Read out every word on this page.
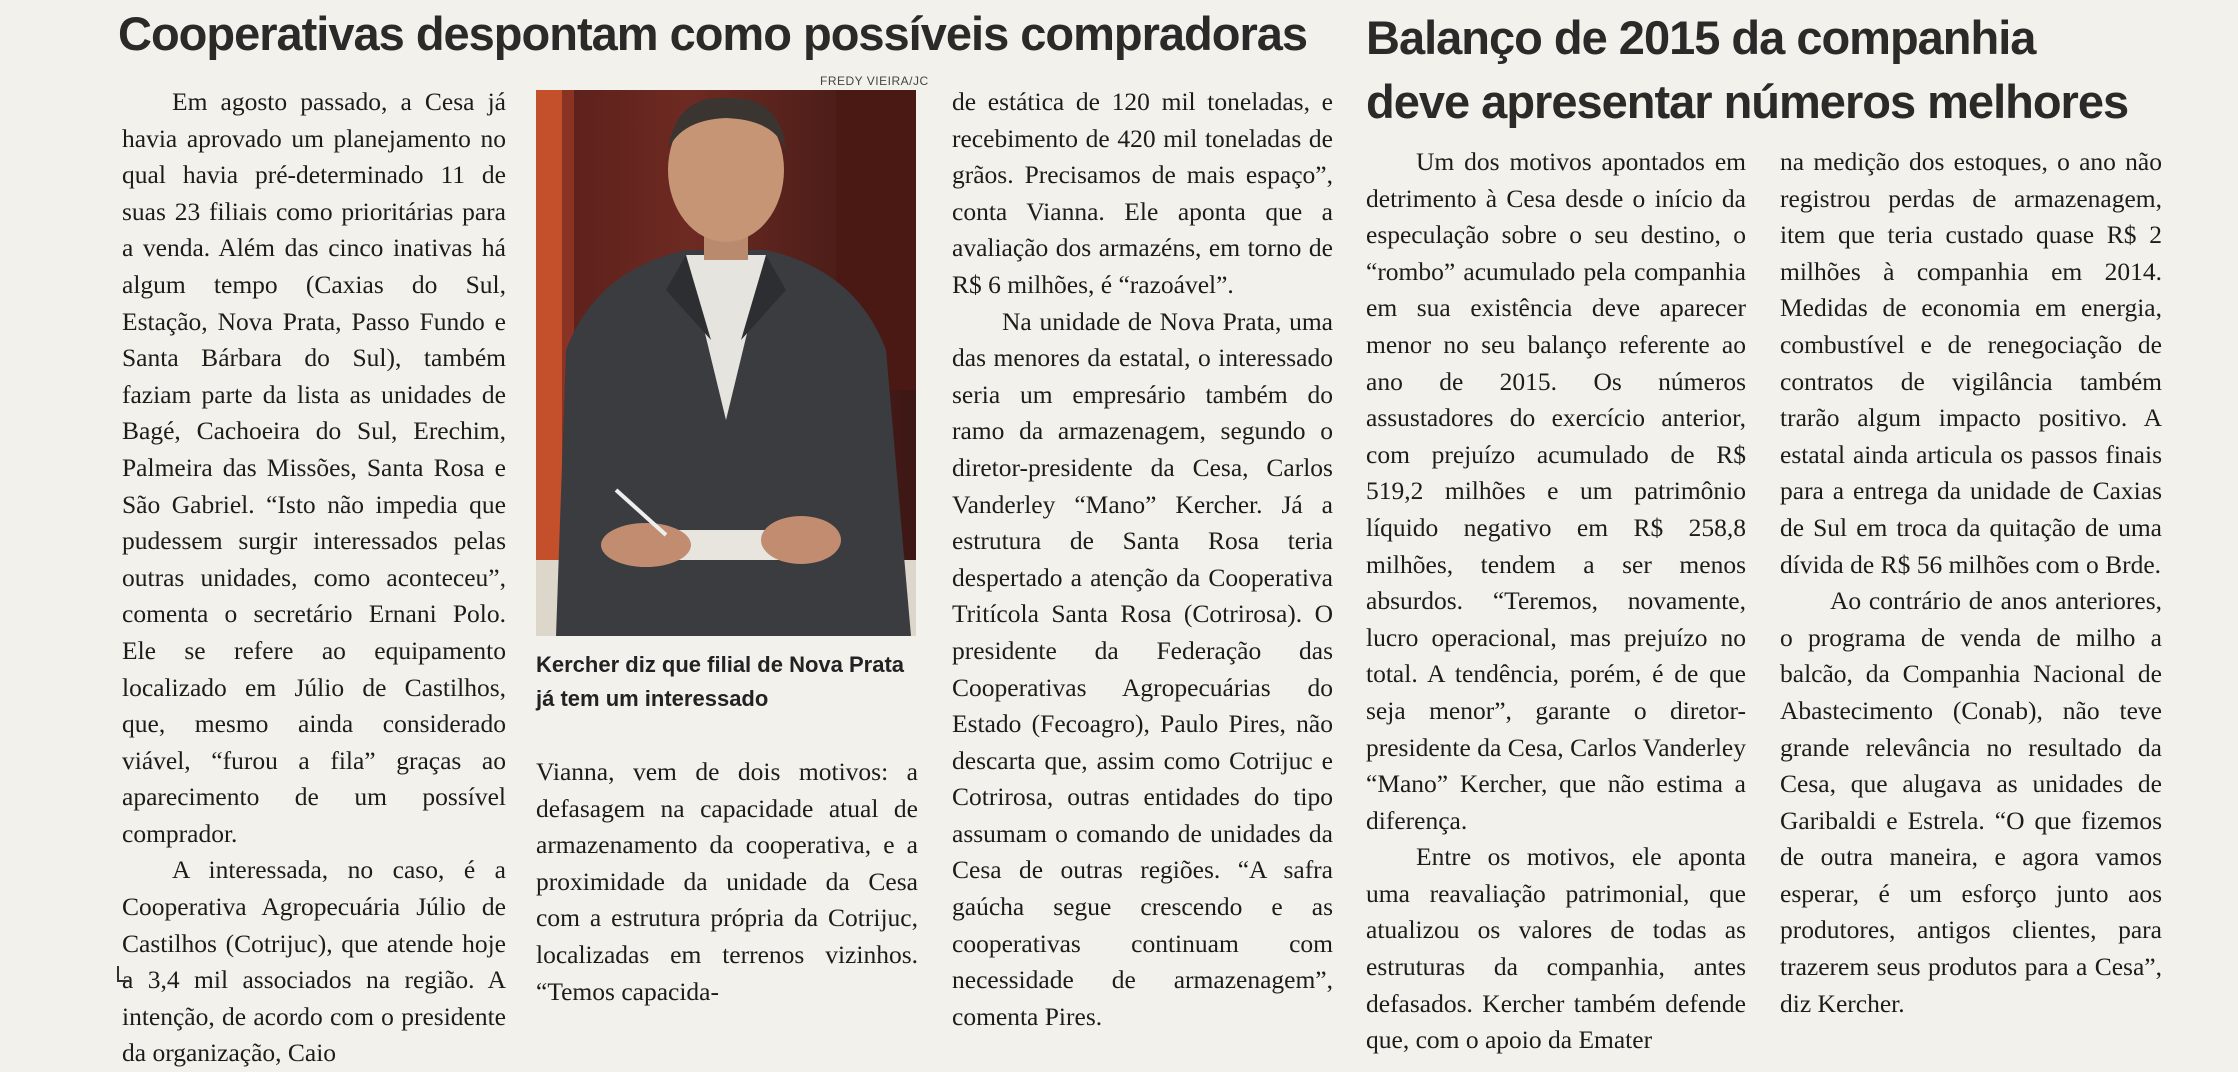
Cooperativas despontam como possíveis compradoras Balanço de 2015 da companhia
deve apresentar números melhores

Em agosto passado, a Cesa já havia aprovado um planejamento no qual havia pré-determinado 11 de suas 23 filiais como prioritárias para a venda. Além das cinco inativas há algum tempo (Caxias do Sul, Estação, Nova Prata, Passo Fundo e Santa Bárbara do Sul), também faziam parte da lista as unidades de Bagé, Cachoeira do Sul, Erechim, Palmeira das Missões, Santa Rosa e São Gabriel. “Isto não impedia que pudessem surgir interessados pelas outras unidades, como aconteceu”, comenta o secretário Ernani Polo. Ele se refere ao equipamento localizado em Júlio de Castilhos, que, mesmo ainda considerado viável, “furou a fila” graças ao aparecimento de um possível comprador.

A interessada, no caso, é a Cooperativa Agropecuária Júlio de Castilhos (Cotrijuc), que atende hoje a 3,4 mil associados na região. A intenção, de acordo com o presidente da organização, Caio

FREDY VIEIRA/JC
Kercher diz que filial de Nova Prata já tem um interessado

Vianna, vem de dois motivos: a defasagem na capacidade atual de armazenamento da cooperativa, e a proximidade da unidade da Cesa com a estrutura própria da Cotrijuc, localizadas em terrenos vizinhos. “Temos capacida-

de estática de 120 mil toneladas, e recebimento de 420 mil toneladas de grãos. Precisamos de mais espaço”, conta Vianna. Ele aponta que a avaliação dos armazéns, em torno de R$ 6 milhões, é “razoável”.

Na unidade de Nova Prata, uma das menores da estatal, o interessado seria um empresário também do ramo da armazenagem, segundo o diretor-presidente da Cesa, Carlos Vanderley “Mano” Kercher. Já a estrutura de Santa Rosa teria despertado a atenção da Cooperativa Tritícola Santa Rosa (Cotrirosa). O presidente da Federação das Cooperativas Agropecuárias do Estado (Fecoagro), Paulo Pires, não descarta que, assim como Cotrijuc e Cotrirosa, outras entidades do tipo assumam o comando de unidades da Cesa de outras regiões. “A safra gaúcha segue crescendo e as cooperativas continuam com necessidade de armazenagem”, comenta Pires.

Um dos motivos apontados em detrimento à Cesa desde o início da especulação sobre o seu destino, o “rombo” acumulado pela companhia em sua existência deve aparecer menor no seu balanço referente ao ano de 2015. Os números assustadores do exercício anterior, com prejuízo acumulado de R$ 519,2 milhões e um patrimônio líquido negativo em R$ 258,8 milhões, tendem a ser menos absurdos. “Teremos, novamente, lucro operacional, mas prejuízo no total. A tendência, porém, é de que seja menor”, garante o diretor-presidente da Cesa, Carlos Vanderley “Mano” Kercher, que não estima a diferença.

Entre os motivos, ele aponta uma reavaliação patrimonial, que atualizou os valores de todas as estruturas da companhia, antes defasados. Kercher também defende que, com o apoio da Emater

na medição dos estoques, o ano não registrou perdas de armazenagem, item que teria custado quase R$ 2 milhões à companhia em 2014. Medidas de economia em energia, combustível e de renegociação de contratos de vigilância também trarão algum impacto positivo. A estatal ainda articula os passos finais para a entrega da unidade de Caxias de Sul em troca da quitação de uma dívida de R$ 56 milhões com o Brde.

Ao contrário de anos anteriores, o programa de venda de milho a balcão, da Companhia Nacional de Abastecimento (Conab), não teve grande relevância no resultado da Cesa, que alugava as unidades de Garibaldi e Estrela. “O que fizemos de outra maneira, e agora vamos esperar, é um esforço junto aos produtores, antigos clientes, para trazerem seus produtos para a Cesa”, diz Kercher.
